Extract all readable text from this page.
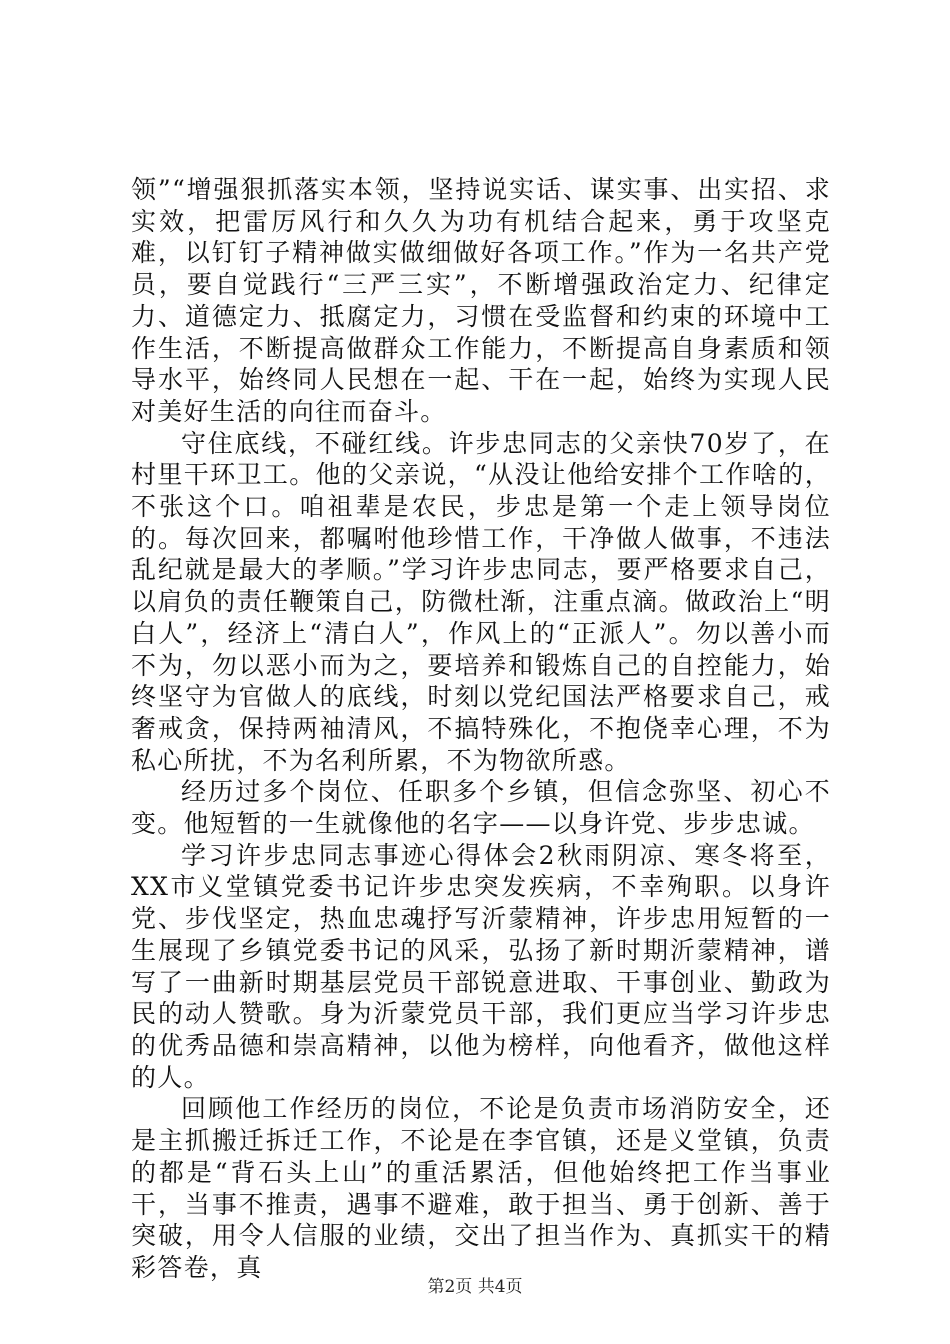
领”“增强狠抓落实本领，坚持说实话、谋实事、出实招、求实效，把雷厉风行和久久为功有机结合起来，勇于攻坚克难，以钉钉子精神做实做细做好各项工作。”作为一名共产党员，要自觉践行“三严三实”，不断增强政治定力、纪律定力、道德定力、抵腐定力，习惯在受监督和约束的环境中工作生活，不断提高做群众工作能力，不断提高自身素质和领导水平，始终同人民想在一起、干在一起，始终为实现人民对美好生活的向往而奋斗。

守住底线，不碰红线。许步忠同志的父亲快70岁了，在村里干环卫工。他的父亲说，“从没让他给安排个工作啥的，不张这个口。咱祖辈是农民，步忠是第一个走上领导岗位的。每次回来，都嘱咐他珍惜工作，干净做人做事，不违法乱纪就是最大的孝顺。”学习许步忠同志，要严格要求自己，以肩负的责任鞭策自己，防微杜渐，注重点滴。做政治上“明白人”，经济上“清白人”，作风上的“正派人”。勿以善小而不为，勿以恶小而为之，要培养和锻炼自己的自控能力，始终坚守为官做人的底线，时刻以党纪国法严格要求自己，戒奢戒贪，保持两袖清风，不搞特殊化，不抱侥幸心理，不为私心所扰，不为名利所累，不为物欲所惑。

经历过多个岗位、任职多个乡镇，但信念弥坚、初心不变。他短暂的一生就像他的名字——以身许党、步步忠诚。

学习许步忠同志事迹心得体会2秋雨阴凉、寒冬将至，XX市义堂镇党委书记许步忠突发疾病，不幸殉职。以身许党、步伐坚定，热血忠魂抒写沂蒙精神，许步忠用短暂的一生展现了乡镇党委书记的风采，弘扬了新时期沂蒙精神，谱写了一曲新时期基层党员干部锐意进取、干事创业、勤政为民的动人赞歌。身为沂蒙党员干部，我们更应当学习许步忠的优秀品德和崇高精神，以他为榜样，向他看齐，做他这样的人。

回顾他工作经历的岗位，不论是负责市场消防安全，还是主抓搬迁拆迁工作，不论是在李官镇，还是义堂镇，负责的都是“背石头上山”的重活累活，但他始终把工作当事业干，当事不推责，遇事不避难，敢于担当、勇于创新、善于突破，用令人信服的业绩，交出了担当作为、真抓实干的精彩答卷，真

第2页 共4页
